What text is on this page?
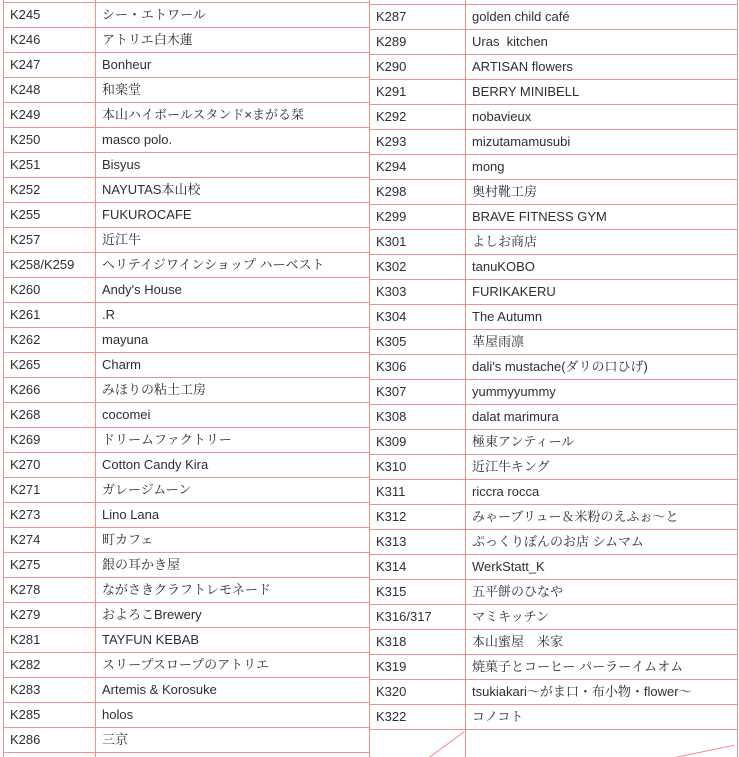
K245	シー・エトワール
K246	アトリエ白木蓮
K247	Bonheur
K248	和楽堂
K249	本山ハイボールスタンド×まがる栞
K250	masco polo.
K251	Bisyus
K252	NAYUTAS本山校
K255	FUKUROCAFE
K257	近江牛
K258/K259	ヘリテイジワインショップ ハーベスト
K260	Andy's House
K261	.R
K262	mayuna
K265	Charm
K266	みほりの粘土工房
K268	cocomei
K269	ドリームファクトリー
K270	Cotton Candy Kira
K271	ガレージムーン
K273	Lino Lana
K274	町カフェ
K275	銀の耳かき屋
K278	ながさきクラフトレモネード
K279	およろこBrewery
K281	TAYFUN KEBAB
K282	スリープスロープのアトリエ
K283	Artemis & Korosuke
K285	holos
K286	三京

K287	golden child café
K289	Uras  kitchen
K290	ARTISAN flowers
K291	BERRY MINIBELL
K292	nobavieux
K293	mizutamamusubi
K294	mong
K298	奥村靴工房
K299	BRAVE FITNESS GYM
K301	よしお商店
K302	tanuKOBO
K303	FURIKAKERU
K304	The Autumn
K305	革屋雨凛
K306	dali's mustache(ダリの口ひげ)
K307	yummyyummy
K308	dalat marimura
K309	極東アンティール
K310	近江牛キング
K311	riccra rocca
K312	みゃーブリュー＆米粉のえふぉ～と
K313	ぷっくりぼんのお店 シムマム
K314	WerkStatt_K
K315	五平餅のひなや
K316/317	マミキッチン
K318	本山蜜屋　米家
K319	焼菓子とコーヒー パーラーイムオム
K320	tsukiakari～がま口・布小物・flower～
K322	コノコト
